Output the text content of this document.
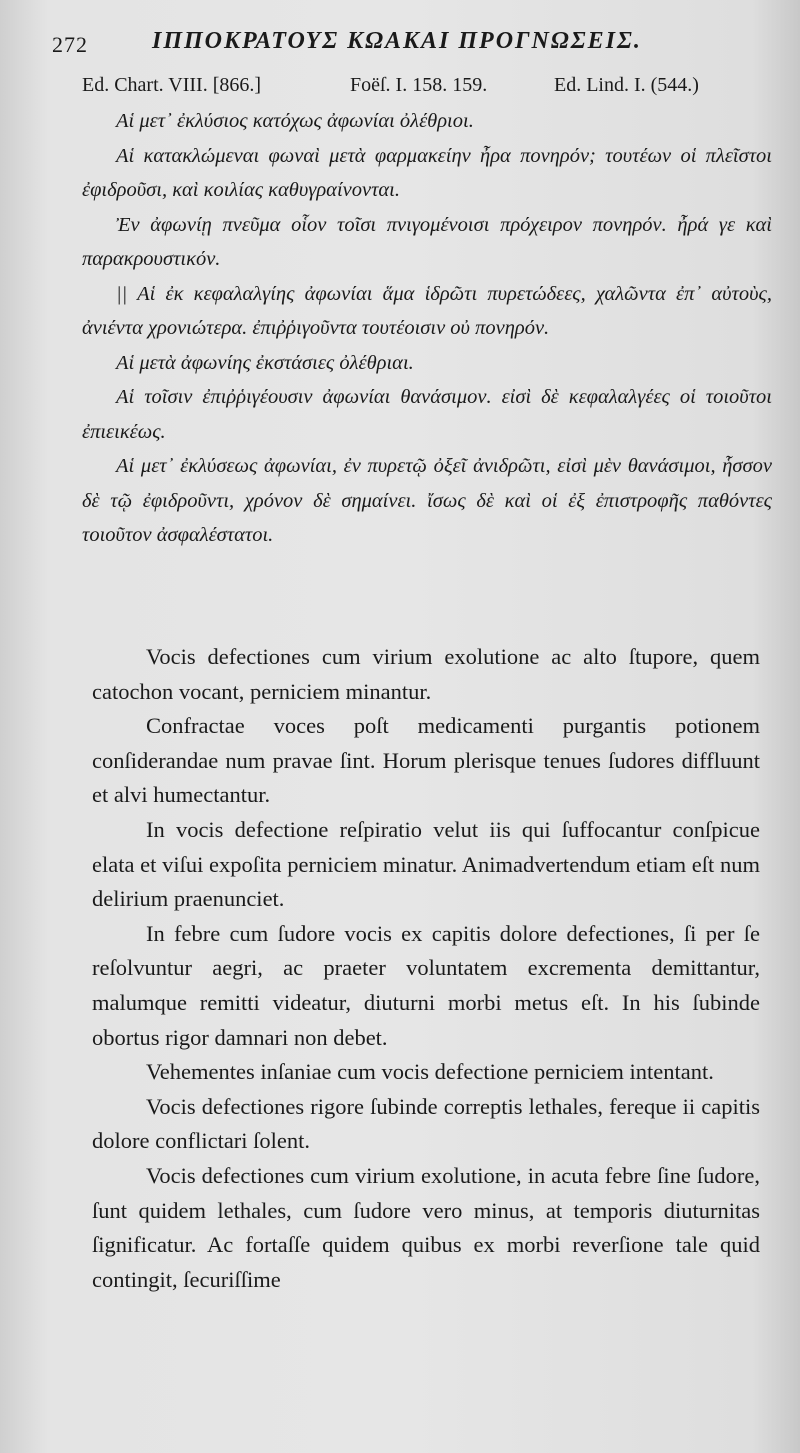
272	ΙΠΠΟΚΡΑΤΟΥΣ ΚΩΑΚΑΙ ΠΡΟΓΝΩΣΕΙΣ.
Ed. Chart. VIII. [866.]	Foëſ. I. 158. 159.	Ed. Lind. I. (544.)

Αἱ μετ᾽ ἐκλύσιος κατόχως ἀφωνίαι ὀλέθριοι.

Αἱ κατακλώμεναι φωναὶ μετὰ φαρμακείην ἦρα πονηρόν; τουτέων οἱ πλεῖστοι ἐφιδροῦσι, καὶ κοιλίας καθυγραίνονται.

Ἐν ἀφωνίῃ πνεῦμα οἷον τοῖσι πνιγομένοισι πρόχειρον πονηρόν. ἦρά γε καὶ παρακρουστικόν.

|| Αἱ ἐκ κεφαλαλγίης ἀφωνίαι ἅμα ἱδρῶτι πυρετώδεες, χαλῶντα ἐπ᾽ αὐτοὺς, ἀνιέντα χρονιώτερα. ἐπιῤῥιγοῦντα τουτέοισιν οὐ πονηρόν.

Αἱ μετὰ ἀφωνίης ἐκστάσιες ὀλέθριαι.

Αἱ τοῖσιν ἐπιῤῥιγέουσιν ἀφωνίαι θανάσιμον. εἰσὶ δὲ κεφαλαλγέες οἱ τοιοῦτοι ἐπιεικέως.

Αἱ μετ᾽ ἐκλύσεως ἀφωνίαι, ἐν πυρετῷ ὀξεῖ ἀνιδρῶτι, εἰσὶ μὲν θανάσιμοι, ἧσσον δὲ τῷ ἐφιδροῦντι, χρόνον δὲ σημαίνει. ἴσως δὲ καὶ οἱ ἐξ ἐπιστροφῆς παθόντες τοιοῦτον ἀσφαλέστατοι.

Vocis defectiones cum virium exolutione ac alto ſtupore, quem catochon vocant, perniciem minantur.

Confractae voces poſt medicamenti purgantis potionem conſiderandae num pravae ſint. Horum plerisque tenues ſudores diffluunt et alvi humectantur.

In vocis defectione reſpiratio velut iis qui ſuffocantur conſpicue elata et viſui expoſita perniciem minatur. Animadvertendum etiam eſt num delirium praenunciet.

In febre cum ſudore vocis ex capitis dolore defectiones, ſi per ſe reſolvuntur aegri, ac praeter voluntatem excrementa demittantur, malumque remitti videatur, diuturni morbi metus eſt. In his ſubinde obortus rigor damnari non debet.

Vehementes inſaniae cum vocis defectione perniciem intentant.

Vocis defectiones rigore ſubinde correptis lethales, fereque ii capitis dolore conflictari ſolent.

Vocis defectiones cum virium exolutione, in acuta febre ſine ſudore, ſunt quidem lethales, cum ſudore vero minus, at temporis diuturnitas ſignificatur. Ac fortaſſe quidem quibus ex morbi reverſione tale quid contingit, ſecuriſſime
